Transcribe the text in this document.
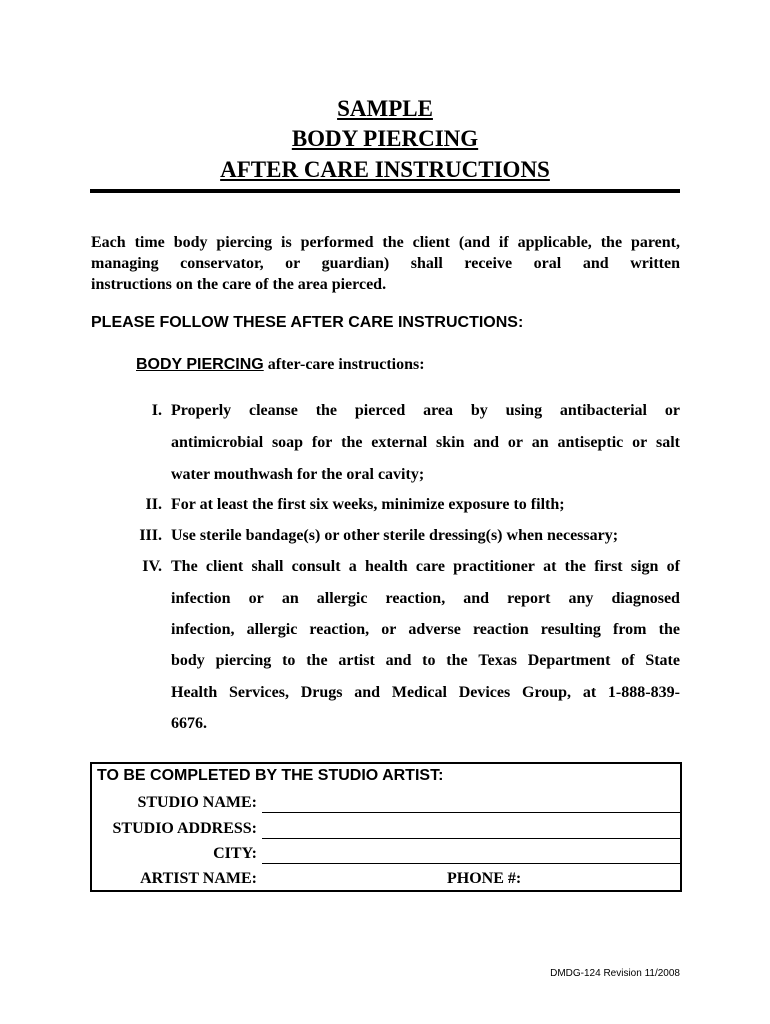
SAMPLE
BODY PIERCING
AFTER CARE INSTRUCTIONS
Each time body piercing is performed the client (and if applicable, the parent,
managing conservator, or guardian) shall receive oral and written
instructions on the care of the area pierced.
PLEASE FOLLOW THESE AFTER CARE INSTRUCTIONS:
BODY PIERCING after-care instructions:
I. Properly cleanse the pierced area by using antibacterial or
antimicrobial soap for the external skin and or an antiseptic or salt
water mouthwash for the oral cavity;
II. For at least the first six weeks, minimize exposure to filth;
III. Use sterile bandage(s) or other sterile dressing(s) when necessary;
IV. The client shall consult a health care practitioner at the first sign of
infection or an allergic reaction, and report any diagnosed
infection, allergic reaction, or adverse reaction resulting from the
body piercing to the artist and to the Texas Department of State
Health Services, Drugs and Medical Devices Group, at 1-888-839-
6676.
TO BE COMPLETED BY THE STUDIO ARTIST:
STUDIO NAME:
STUDIO ADDRESS:
CITY:
ARTIST NAME:	PHONE #:
DMDG-124 Revision 11/2008
